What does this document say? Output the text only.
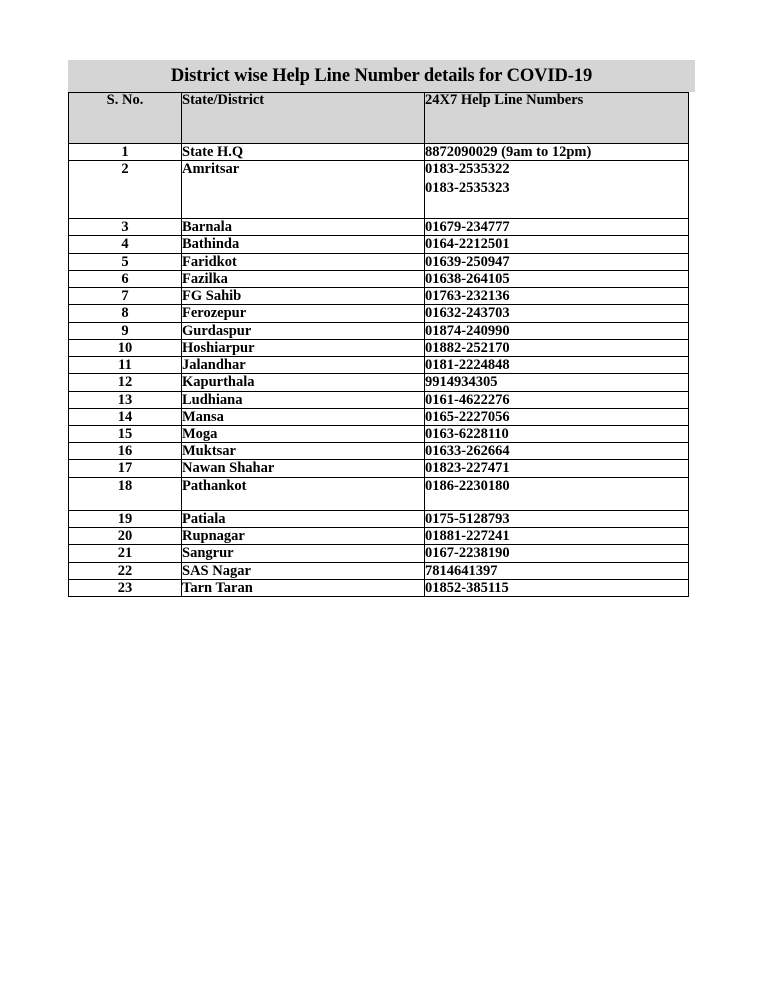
District wise Help Line Number details for COVID-19
S. No.	State/District	24X7 Help Line Numbers
1	State H.Q	8872090029 (9am to 12pm)

2	Amritsar	0183-2535322
0183-2535323

3	Barnala	01679-234777

4	Bathinda	0164-2212501

5	Faridkot	01639-250947

6	Fazilka	01638-264105

7	FG Sahib	01763-232136

8	Ferozepur	01632-243703

9	Gurdaspur	01874-240990

10	Hoshiarpur	01882-252170

11	Jalandhar	0181-2224848

12	Kapurthala	9914934305

13	Ludhiana	0161-4622276

14	Mansa	0165-2227056

15	Moga	0163-6228110

16	Muktsar	01633-262664

17	Nawan Shahar	01823-227471

18	Pathankot	0186-2230180

19	Patiala	0175-5128793

20	Rupnagar	01881-227241

21	Sangrur	0167-2238190

22	SAS Nagar	7814641397

23	Tarn Taran	01852-385115
